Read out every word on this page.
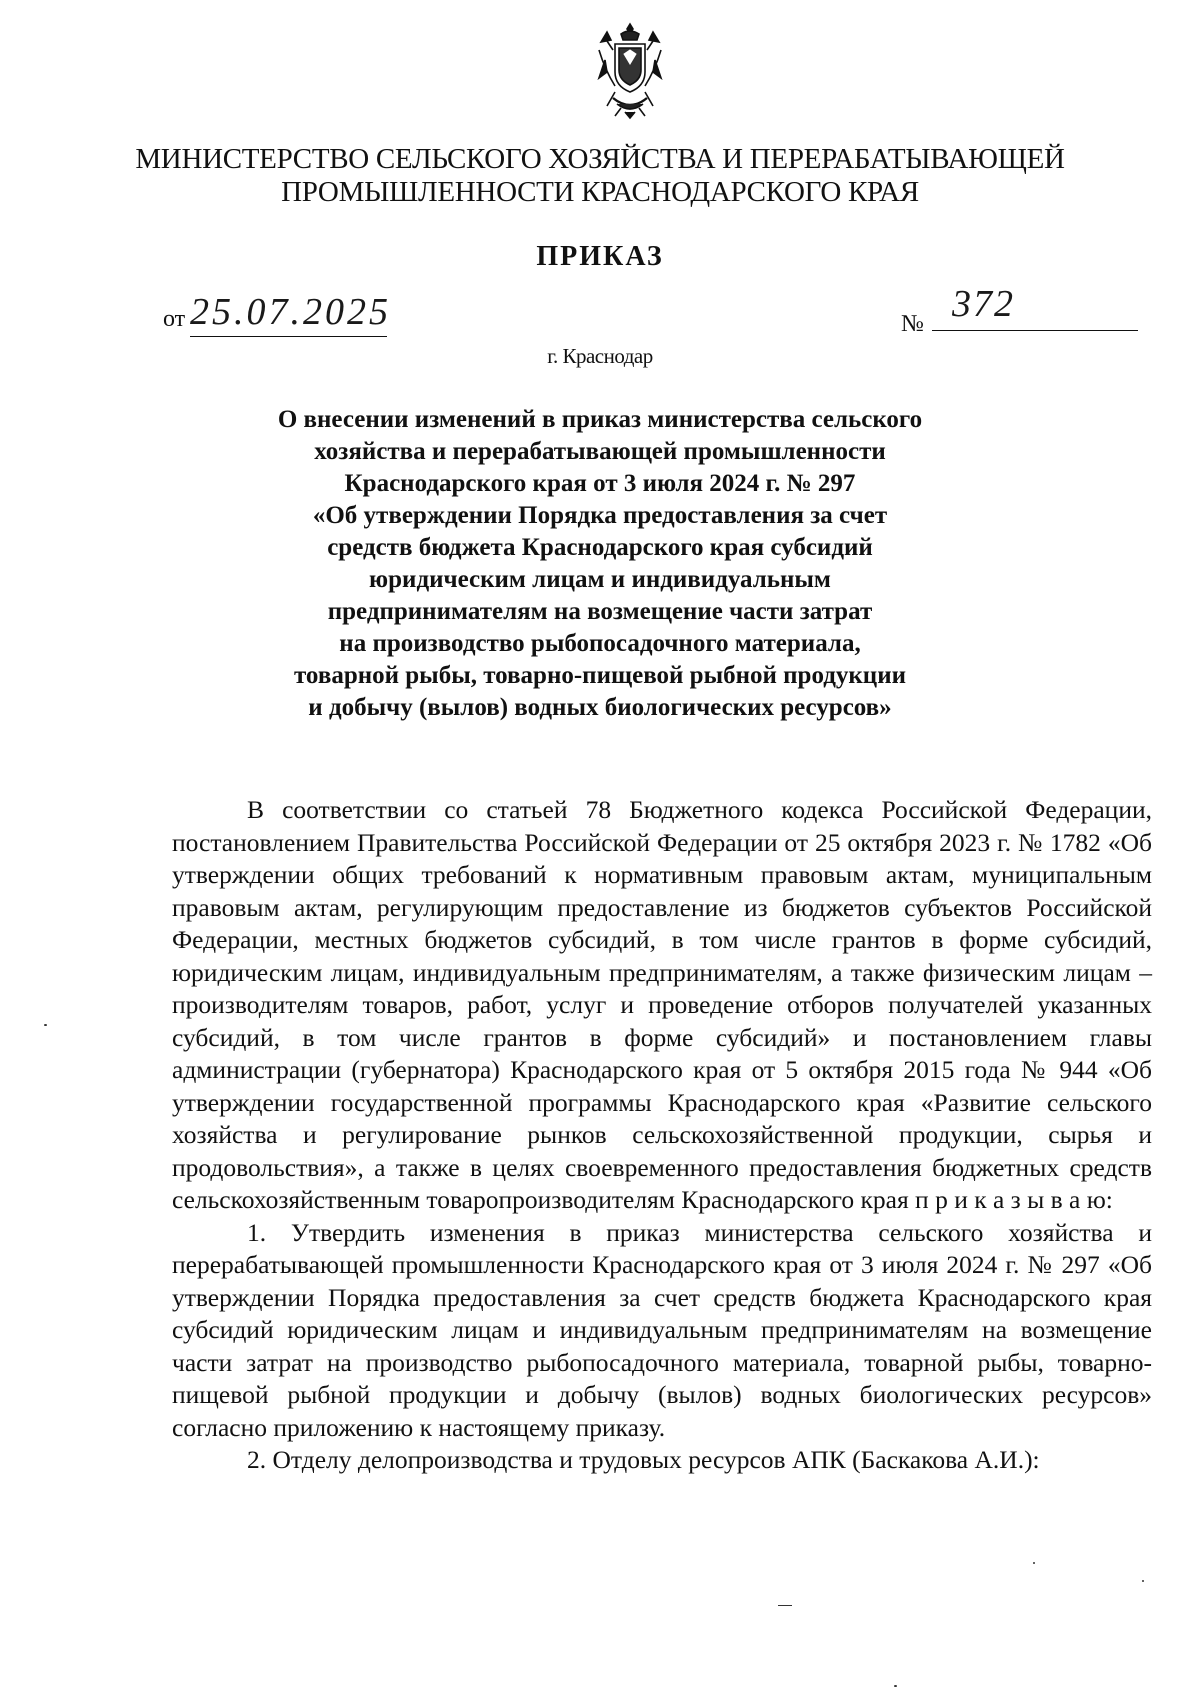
МИНИСТЕРСТВО СЕЛЬСКОГО ХОЗЯЙСТВА И ПЕРЕРАБАТЫВАЮЩЕЙ
ПРОМЫШЛЕННОСТИ КРАСНОДАРСКОГО КРАЯ
ПРИКАЗ
от 25.07.2025	№ 372
г. Краснодар
О внесении изменений в приказ министерства сельского
хозяйства и перерабатывающей промышленности
Краснодарского края от 3 июля 2024 г. № 297
«Об утверждении Порядка предоставления за счет
средств бюджета Краснодарского края субсидий
юридическим лицам и индивидуальным
предпринимателям на возмещение части затрат
на производство рыбопосадочного материала,
товарной рыбы, товарно-пищевой рыбной продукции
и добычу (вылов) водных биологических ресурсов»

В соответствии со статьей 78 Бюджетного кодекса Российской Федерации, постановлением Правительства Российской Федерации от 25 октября 2023 г. № 1782 «Об утверждении общих требований к нормативным правовым актам, муниципальным правовым актам, регулирующим предоставление из бюджетов субъектов Российской Федерации, местных бюджетов субсидий, в том числе грантов в форме субсидий, юридическим лицам, индивидуальным предпринимателям, а также физическим лицам – производителям товаров, работ, услуг и проведение отборов получателей указанных субсидий, в том числе грантов в форме субсидий» и постановлением главы администрации (губернатора) Краснодарского края от 5 октября 2015 года № 944 «Об утверждении государственной программы Краснодарского края «Развитие сельского хозяйства и регулирование рынков сельскохозяйственной продукции, сырья и продовольствия», а также в целях своевременного предоставления бюджетных средств сельскохозяйственным товаропроизводителям Краснодарского края п р и к а з ы в а ю:

1. Утвердить изменения в приказ министерства сельского хозяйства и перерабатывающей промышленности Краснодарского края от 3 июля 2024 г. № 297 «Об утверждении Порядка предоставления за счет средств бюджета Краснодарского края субсидий юридическим лицам и индивидуальным предпринимателям на возмещение части затрат на производство рыбопосадочного материала, товарной рыбы, товарно-пищевой рыбной продукции и добычу (вылов) водных биологических ресурсов» согласно приложению к настоящему приказу.

2. Отделу делопроизводства и трудовых ресурсов АПК (Баскакова А.И.):
